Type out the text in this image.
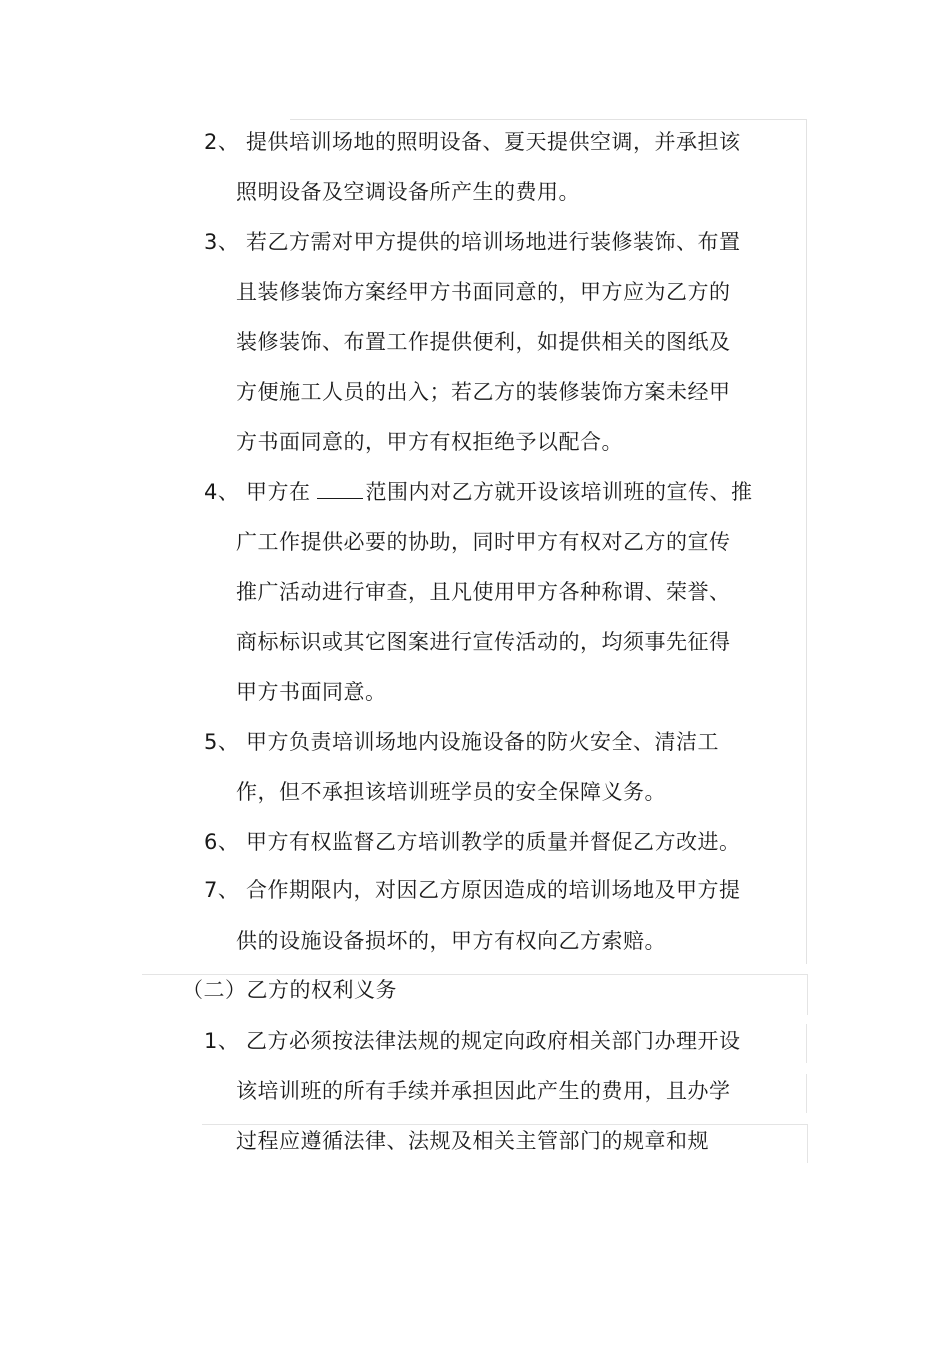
2、 提供培训场地的照明设备、夏天提供空调，并承担该
照明设备及空调设备所产生的费用。
3、 若乙方需对甲方提供的培训场地进行装修装饰、布置
且装修装饰方案经甲方书面同意的，甲方应为乙方的
装修装饰、布置工作提供便利，如提供相关的图纸及
方便施工人员的出入；若乙方的装修装饰方案未经甲
方书面同意的，甲方有权拒绝予以配合。
4、 甲方在	范围内对乙方就开设该培训班的宣传、推
广工作提供必要的协助，同时甲方有权对乙方的宣传
推广活动进行审查，且凡使用甲方各种称谓、荣誉、
商标标识或其它图案进行宣传活动的，均须事先征得
甲方书面同意。
5、 甲方负责培训场地内设施设备的防火安全、清洁工
作，但不承担该培训班学员的安全保障义务。
6、 甲方有权监督乙方培训教学的质量并督促乙方改进。
7、 合作期限内，对因乙方原因造成的培训场地及甲方提
供的设施设备损坏的，甲方有权向乙方索赔。
（二）乙方的权利义务
1、 乙方必须按法律法规的规定向政府相关部门办理开设
该培训班的所有手续并承担因此产生的费用，且办学
过程应遵循法律、法规及相关主管部门的规章和规
